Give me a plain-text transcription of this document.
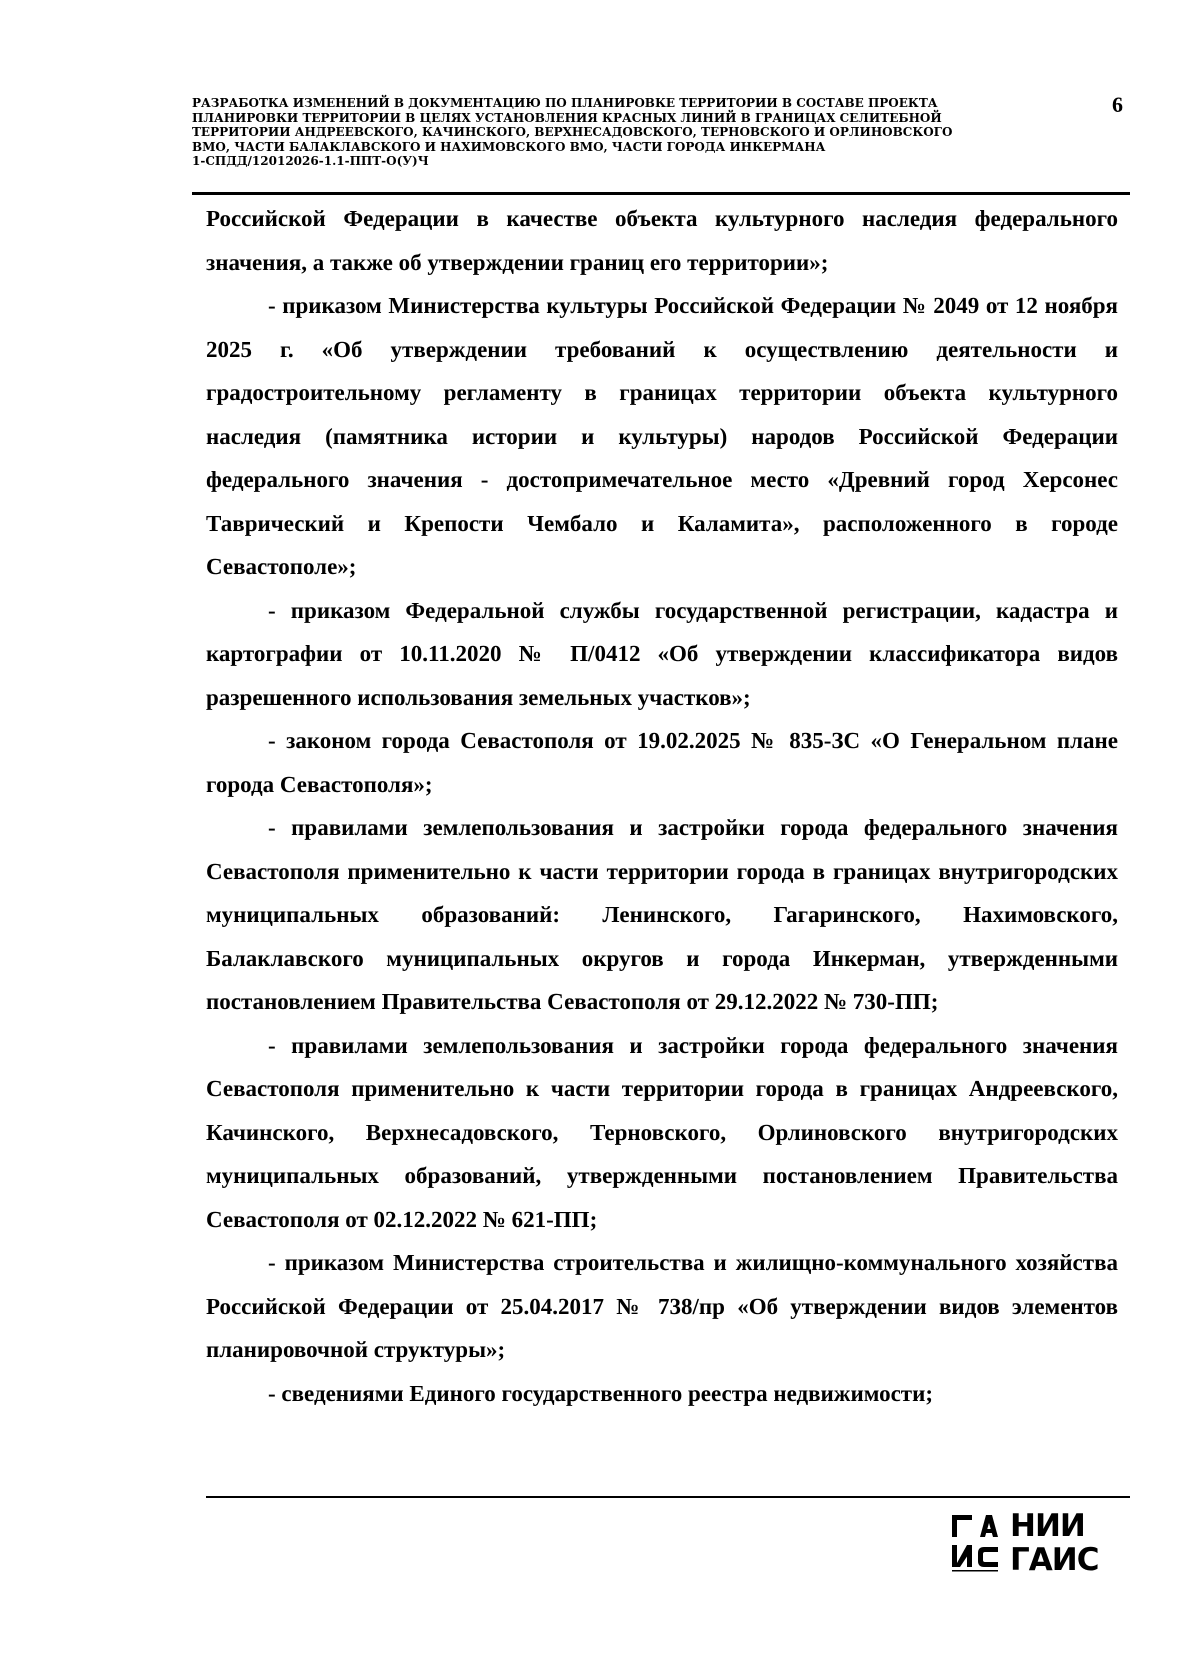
РАЗРАБОТКА ИЗМЕНЕНИЙ В ДОКУМЕНТАЦИЮ ПО ПЛАНИРОВКЕ ТЕРРИТОРИИ В СОСТАВЕ ПРОЕКТА
ПЛАНИРОВКИ ТЕРРИТОРИИ В ЦЕЛЯХ УСТАНОВЛЕНИЯ КРАСНЫХ ЛИНИЙ В ГРАНИЦАХ СЕЛИТЕБНОЙ
ТЕРРИТОРИИ АНДРЕЕВСКОГО, КАЧИНСКОГО, ВЕРХНЕСАДОВСКОГО, ТЕРНОВСКОГО И ОРЛИНОВСКОГО
ВМО, ЧАСТИ БАЛАКЛАВСКОГО И НАХИМОВСКОГО ВМО, ЧАСТИ ГОРОДА ИНКЕРМАНА
1-СПДД/12012026-1.1-ППТ-О(У)Ч
6

Российской Федерации в качестве объекта культурного наследия федерального значения, а также об утверждении границ его территории»;

- приказом Министерства культуры Российской Федерации № 2049 от 12 ноября 2025 г. «Об утверждении требований к осуществлению деятельности и градостроительному регламенту в границах территории объекта культурного наследия (памятника истории и культуры) народов Российской Федерации федерального значения - достопримечательное место «Древний город Херсонес Таврический и Крепости Чембало и Каламита», расположенного в городе Севастополе»;

- приказом Федеральной службы государственной регистрации, кадастра и картографии от 10.11.2020 № П/0412 «Об утверждении классификатора видов разрешенного использования земельных участков»;

- законом города Севастополя от 19.02.2025 № 835-ЗС «О Генеральном плане города Севастополя»;

- правилами землепользования и застройки города федерального значения Севастополя применительно к части территории города в границах внутригородских муниципальных образований: Ленинского, Гагаринского, Нахимовского, Балаклавского муниципальных округов и города Инкерман, утвержденными постановлением Правительства Севастополя от 29.12.2022 № 730-ПП;

- правилами землепользования и застройки города федерального значения Севастополя применительно к части территории города в границах Андреевского, Качинского, Верхнесадовского, Терновского, Орлиновского внутригородских муниципальных образований, утвержденными постановлением Правительства Севастополя от 02.12.2022 № 621-ПП;

- приказом Министерства строительства и жилищно-коммунального хозяйства Российской Федерации от 25.04.2017 № 738/пр «Об утверждении видов элементов планировочной структуры»;

- сведениями Единого государственного реестра недвижимости;

НИИ
ГАИС
